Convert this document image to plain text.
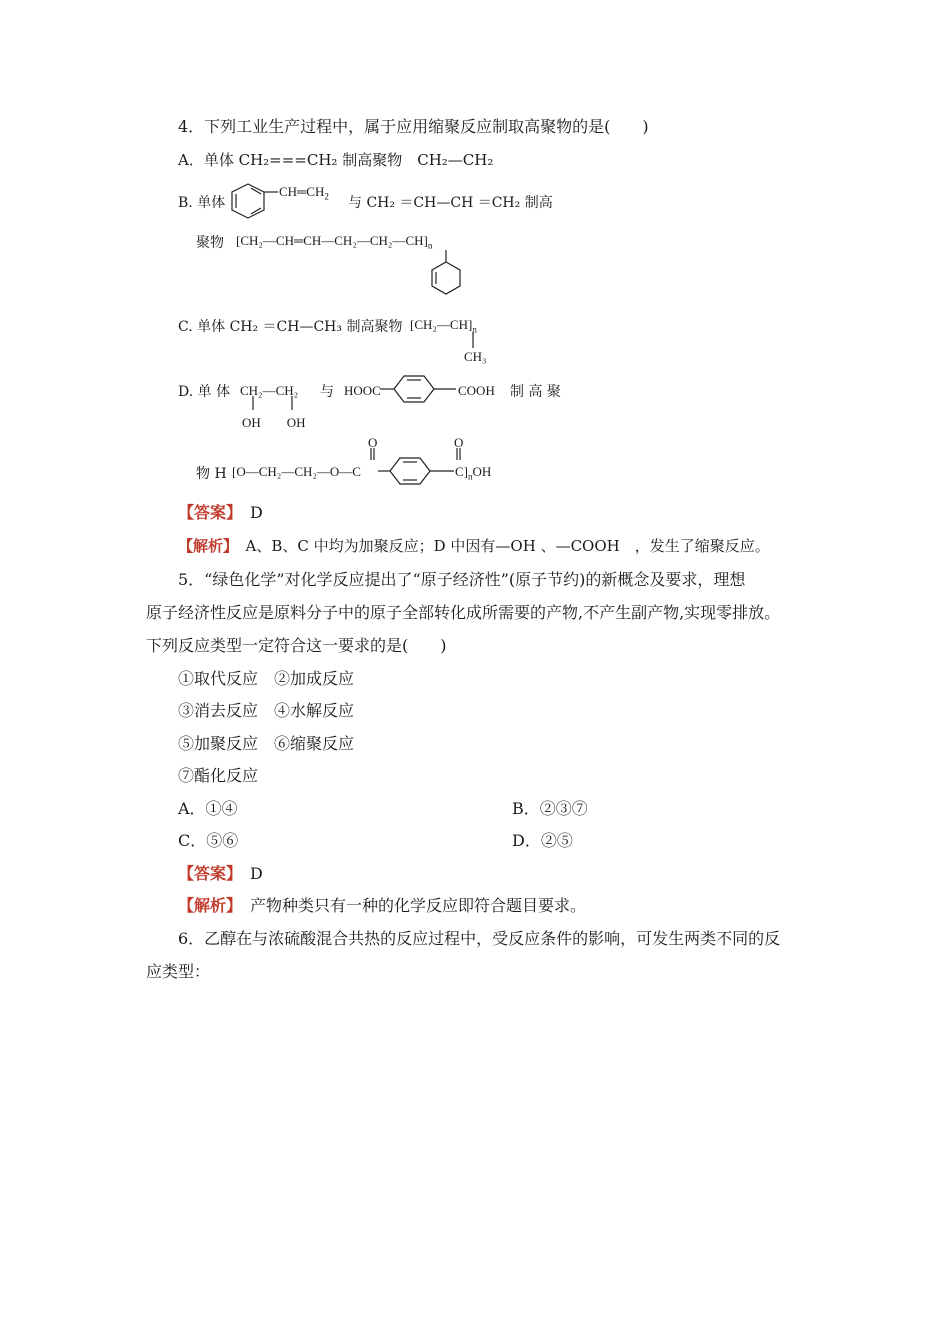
4．下列工业生产过程中，属于应用缩聚反应制取高聚物的是(　　)
A．单体 CH₂===CH₂ 制高聚物　CH₂—CH₂
B. 单体
$CH═CH_2$ 与 CH₂ ＝CH—CH ＝CH₂ 制高
聚物 $[CH_2—CH═CH—CH_2—CH_2—CH]_n$
C. 单体 CH₂ ＝CH—CH₃ 制高聚物 $[CH_2—CH]_n$
CH₃
D. 单 体 CH₂—CH₂
OH　　OH
与 HOOC	COOH 制 高 聚
O	O
物 H [O—CH₂—CH₂—O—C	$C]_nOH$
【答案】　 D
【解析】　 A、B、C 中均为加聚反应；D 中因有—OH 、—COOH　，发生了缩聚反应。
5．“绿色化学”对化学反应提出了“原子经济性”(原子节约)的新概念及要求，理想
原子经济性反应是原料分子中的原子全部转化成所需要的产物,不产生副产物,实现零排放。
下列反应类型一定符合这一要求的是(　　)
①取代反应　②加成反应
③消去反应　④水解反应
⑤加聚反应　⑥缩聚反应
⑦酯化反应
A．①④	B．②③⑦
C．⑤⑥	D．②⑤
【答案】　 D
【解析】　 产物种类只有一种的化学反应即符合题目要求。
6．乙醇在与浓硫酸混合共热的反应过程中，受反应条件的影响，可发生两类不同的反
应类型：
